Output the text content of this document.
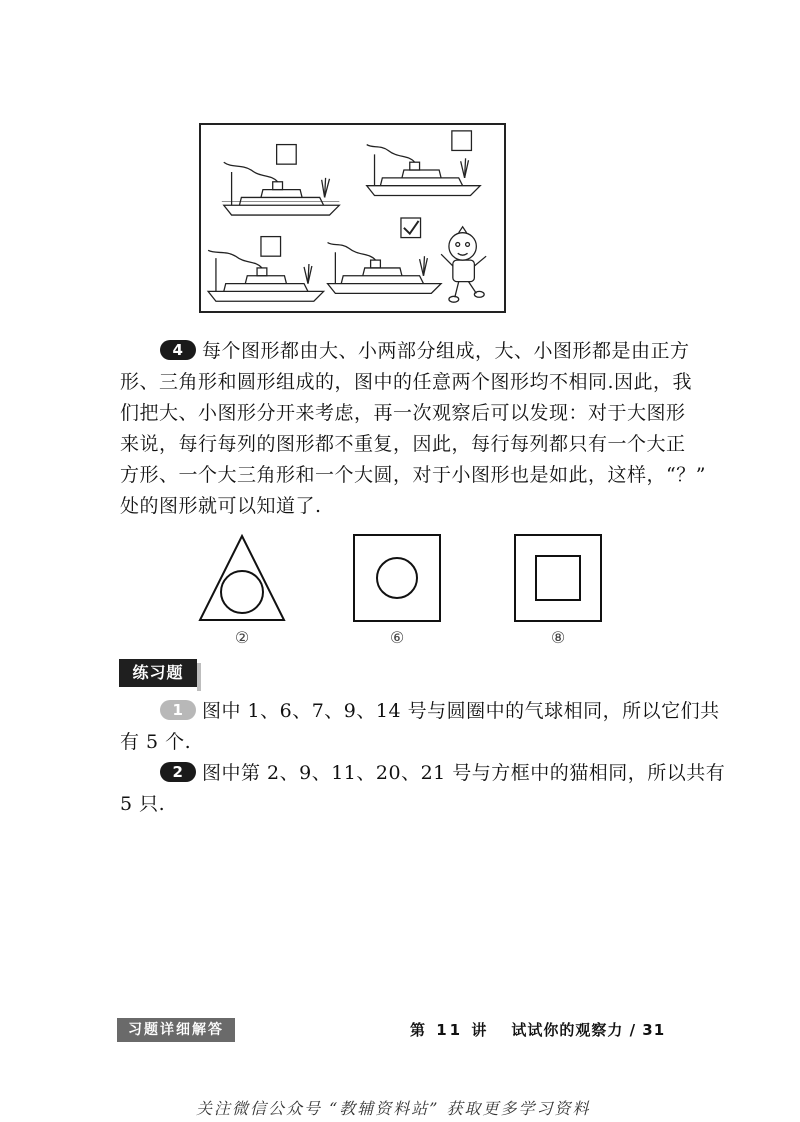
4 每个图形都由大、小两部分组成，大、小图形都是由正方
形、三角形和圆形组成的，图中的任意两个图形均不相同.因此，我
们把大、小图形分开来考虑，再一次观察后可以发现：对于大图形
来说，每行每列的图形都不重复，因此，每行每列都只有一个大正
方形、一个大三角形和一个大圆，对于小图形也是如此，这样，“？”
处的图形就可以知道了.
②	⑥	⑧
练习题
1 图中 1、6、7、9、14 号与圆圈中的气球相同，所以它们共
有 5 个.
2 图中第 2、9、11、20、21 号与方框中的猫相同，所以共有
5 只.
习题详细解答	第 11 讲 试试你的观察力 / 31
关注微信公众号 “教辅资料站” 获取更多学习资料
